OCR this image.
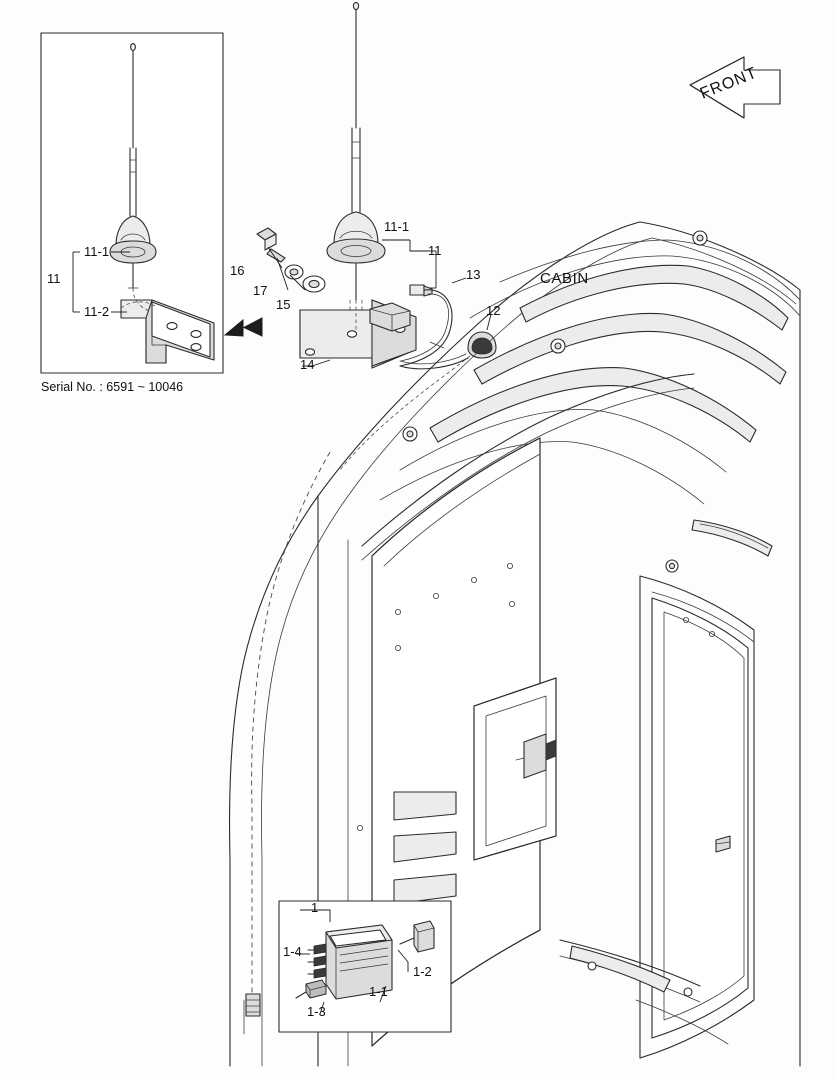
11
11-1
11-2
Serial No. : 6591 ~ 10046
11
11-1
12
13
14
15
16
17
CABIN
1
1-1
1-2
1-3
1-4
FRONT
